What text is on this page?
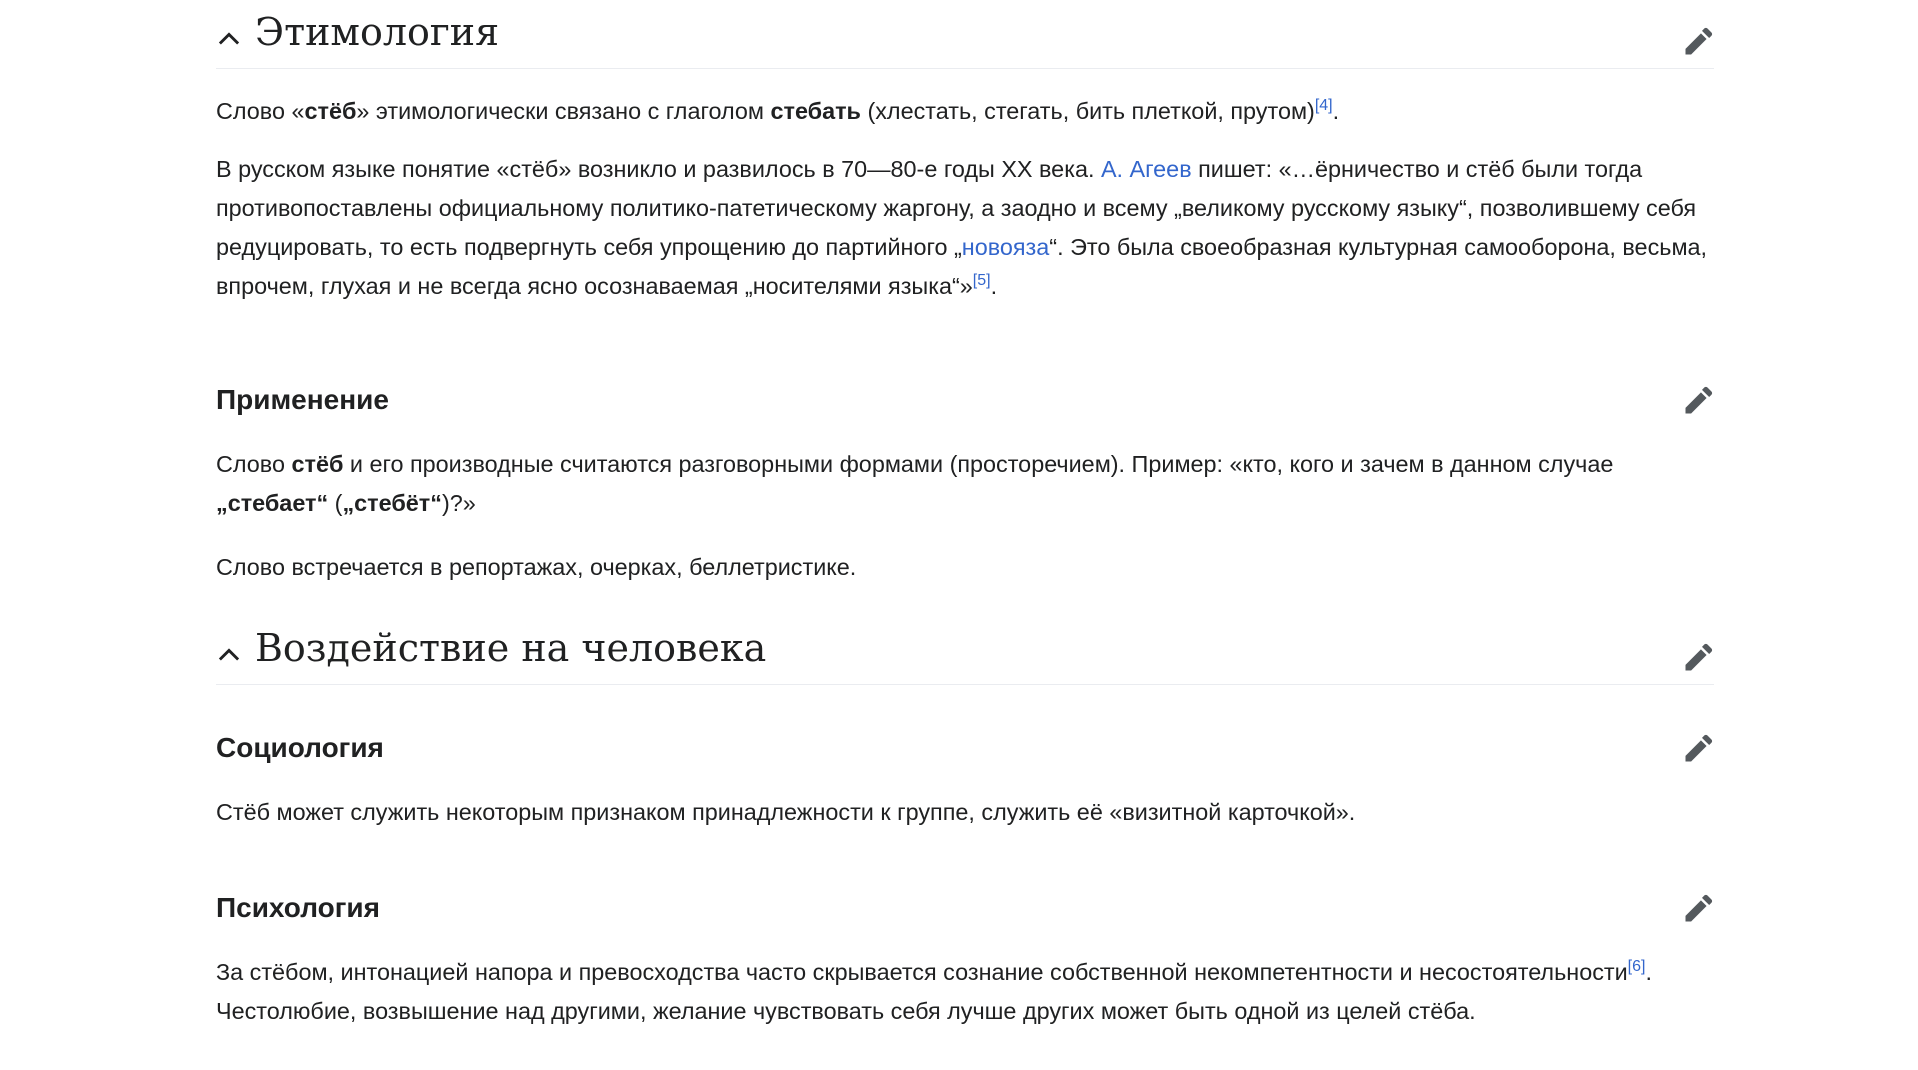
Этимология

Слово «стёб» этимологически связано с глаголом стебать (хлестать, стегать, бить плеткой, прутом)[4].

В русском языке понятие «стёб» возникло и развилось в 70—80-е годы XX века. А. Агеев пишет: «…ёрничество и стёб были тогда противопоставлены официальному политико-патетическому жаргону, а заодно и всему „великому русскому языку“, позволившему себя редуцировать, то есть подвергнуть себя упрощению до партийного „новояза“. Это была своеобразная культурная самооборона, весьма, впрочем, глухая и не всегда ясно осознаваемая „носителями языка“»[5].

Применение

Слово стёб и его производные считаются разговорными формами (просторечием). Пример: «кто, кого и зачем в данном случае „стебает“ („стебёт“)?»

Слово встречается в репортажах, очерках, беллетристике.

Воздействие на человека
Социология

Стёб может служить некоторым признаком принадлежности к группе, служить её «визитной карточкой».

Психология

За стёбом, интонацией напора и превосходства часто скрывается сознание собственной некомпетентности и несостоятельности[6]. Честолюбие, возвышение над другими, желание чувствовать себя лучше других может быть одной из целей стёба.
